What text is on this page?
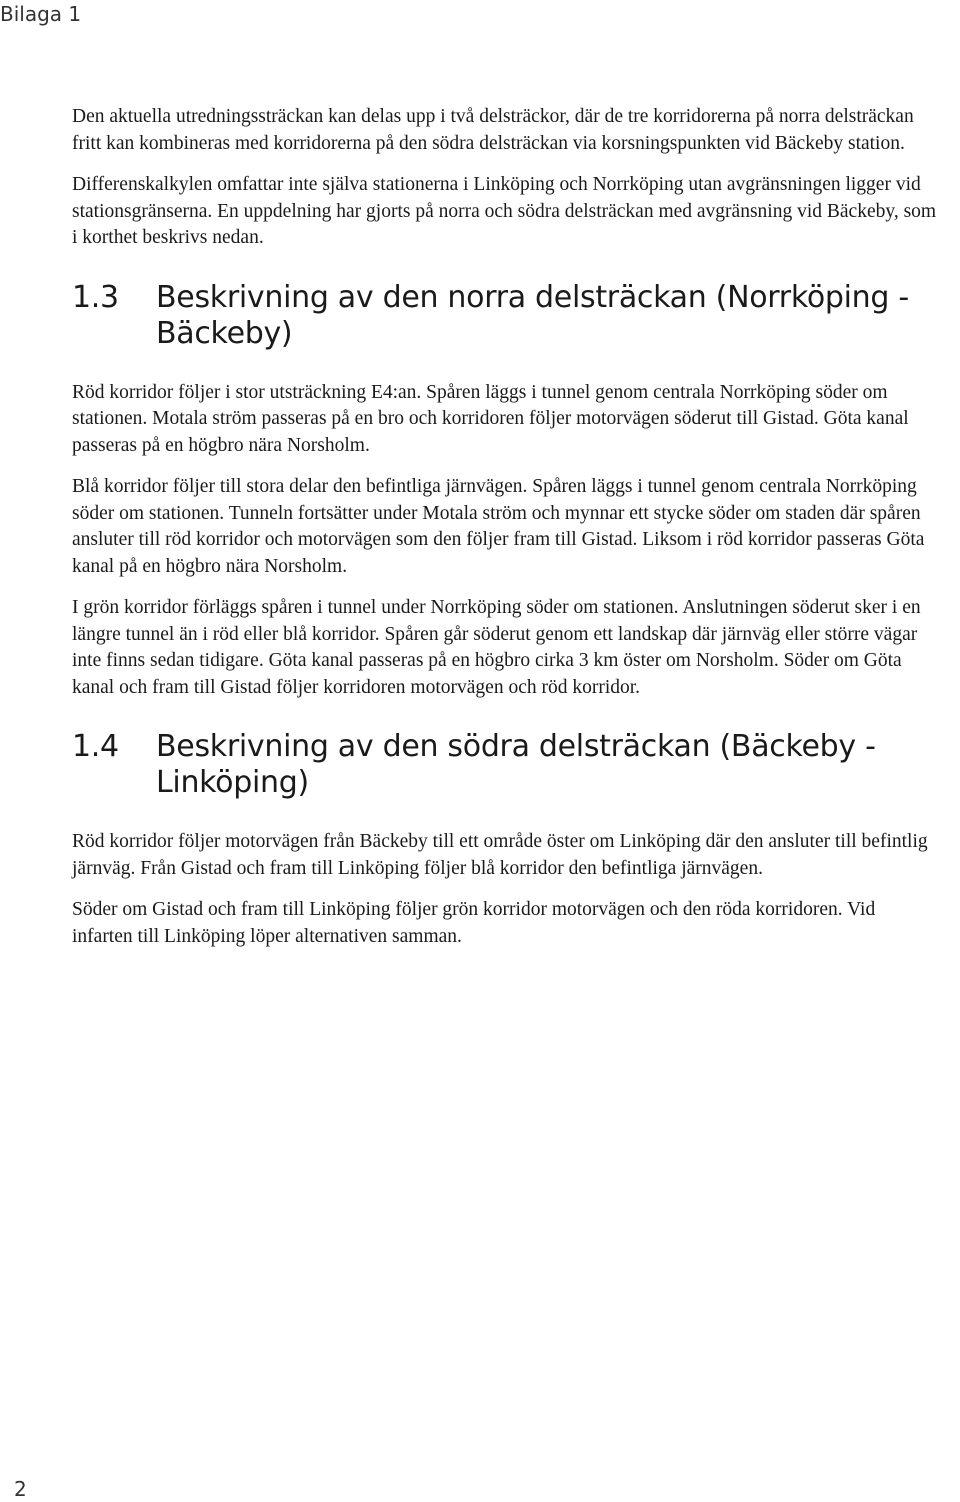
Bilaga 1

Den aktuella utredningssträckan kan delas upp i två delsträckor, där de tre korridorerna på norra delsträckan fritt kan kombineras med korridorerna på den södra delsträckan via korsningspunkten vid Bäckeby station.

Differenskalkylen omfattar inte själva stationerna i Linköping och Norrköping utan avgränsningen ligger vid stationsgränserna. En uppdelning har gjorts på norra och södra delsträckan med avgränsning vid Bäckeby, som i korthet beskrivs nedan.

1.3	Beskrivning av den norra delsträckan (Norrköping - Bäckeby)

Röd korridor följer i stor utsträckning E4:an. Spåren läggs i tunnel genom centrala Norrköping söder om stationen. Motala ström passeras på en bro och korridoren följer motorvägen söderut till Gistad. Göta kanal passeras på en högbro nära Norsholm.

Blå korridor följer till stora delar den befintliga järnvägen. Spåren läggs i tunnel genom centrala Norrköping söder om stationen. Tunneln fortsätter under Motala ström och mynnar ett stycke söder om staden där spåren ansluter till röd korridor och motorvägen som den följer fram till Gistad. Liksom i röd korridor passeras Göta kanal på en högbro nära Norsholm.

I grön korridor förläggs spåren i tunnel under Norrköping söder om stationen. Anslutningen söderut sker i en längre tunnel än i röd eller blå korridor. Spåren går söderut genom ett landskap där järnväg eller större vägar inte finns sedan tidigare. Göta kanal passeras på en högbro cirka 3 km öster om Norsholm. Söder om Göta kanal och fram till Gistad följer korridoren motorvägen och röd korridor.

1.4	Beskrivning av den södra delsträckan (Bäckeby - Linköping)

Röd korridor följer motorvägen från Bäckeby till ett område öster om Linköping där den ansluter till befintlig järnväg. Från Gistad och fram till Linköping följer blå korridor den befintliga järnvägen.

Söder om Gistad och fram till Linköping följer grön korridor motorvägen och den röda korridoren. Vid infarten till Linköping löper alternativen samman.

2
